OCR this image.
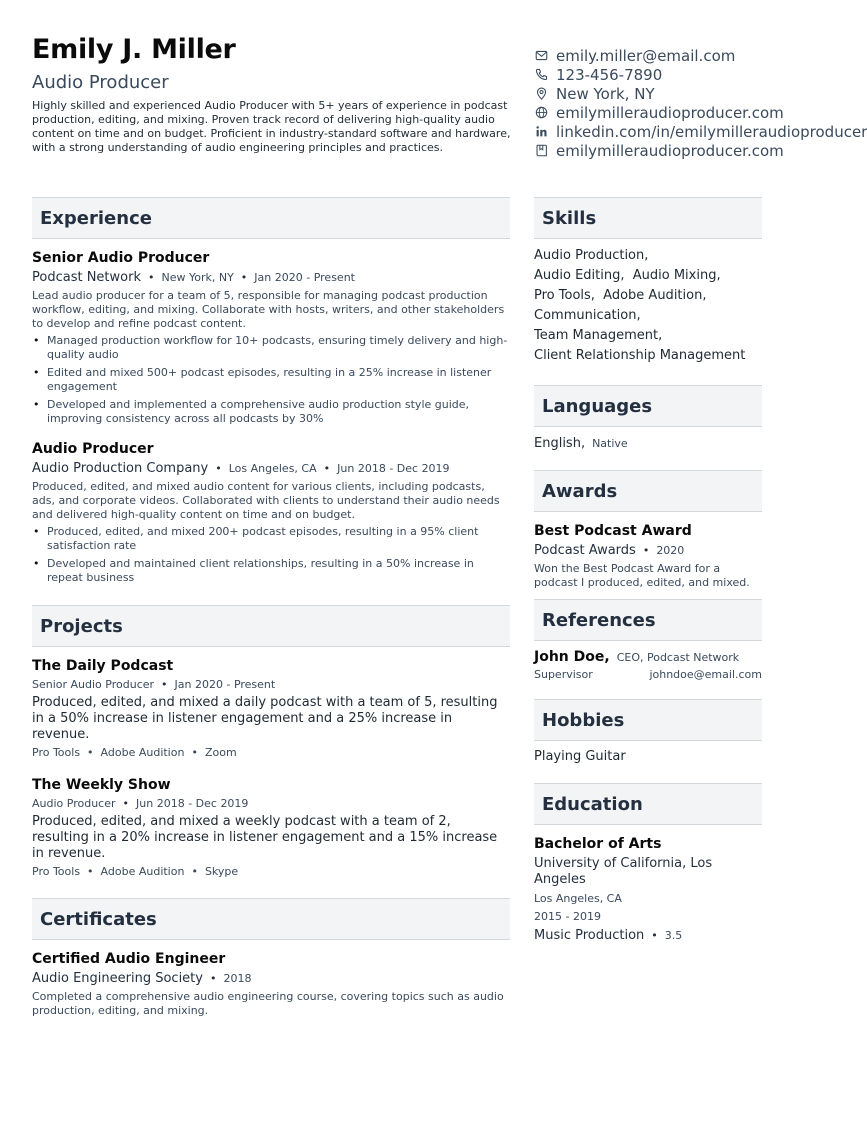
Emily J. Miller
Audio Producer
Highly skilled and experienced Audio Producer with 5+ years of experience in podcast production, editing, and mixing. Proven track record of delivering high-quality audio content on time and on budget. Proficient in industry-standard software and hardware, with a strong understanding of audio engineering principles and practices.
emily.miller@email.com
123-456-7890
New York, NY
emilymilleraudioproducer.com
linkedin.com/in/emilymilleraudioproducer
emilymilleraudioproducer.com
Experience
Senior Audio Producer
Podcast Network • New York, NY • Jan 2020 - Present
Lead audio producer for a team of 5, responsible for managing podcast production workflow, editing, and mixing. Collaborate with hosts, writers, and other stakeholders to develop and refine podcast content.
• Managed production workflow for 10+ podcasts, ensuring timely delivery and high-quality audio
• Edited and mixed 500+ podcast episodes, resulting in a 25% increase in listener engagement
• Developed and implemented a comprehensive audio production style guide, improving consistency across all podcasts by 30%
Audio Producer
Audio Production Company • Los Angeles, CA • Jun 2018 - Dec 2019
Produced, edited, and mixed audio content for various clients, including podcasts, ads, and corporate videos. Collaborated with clients to understand their audio needs and delivered high-quality content on time and on budget.
• Produced, edited, and mixed 200+ podcast episodes, resulting in a 95% client satisfaction rate
• Developed and maintained client relationships, resulting in a 50% increase in repeat business
Projects
The Daily Podcast
Senior Audio Producer • Jan 2020 - Present
Produced, edited, and mixed a daily podcast with a team of 5, resulting in a 50% increase in listener engagement and a 25% increase in revenue.
Pro Tools • Adobe Audition • Zoom
The Weekly Show
Audio Producer • Jun 2018 - Dec 2019
Produced, edited, and mixed a weekly podcast with a team of 2, resulting in a 20% increase in listener engagement and a 15% increase in revenue.
Pro Tools • Adobe Audition • Skype
Certificates
Certified Audio Engineer
Audio Engineering Society • 2018
Completed a comprehensive audio engineering course, covering topics such as audio production, editing, and mixing.
Skills
Audio Production,
Audio Editing,  Audio Mixing,
Pro Tools,  Adobe Audition,
Communication,
Team Management,
Client Relationship Management
Languages
English, Native
Awards
Best Podcast Award
Podcast Awards • 2020
Won the Best Podcast Award for a podcast I produced, edited, and mixed.
References
John Doe, CEO, Podcast Network
Supervisor	johndoe@email.com
Hobbies
Playing Guitar
Education
Bachelor of Arts
University of California, Los Angeles
Los Angeles, CA
2015 - 2019
Music Production • 3.5
